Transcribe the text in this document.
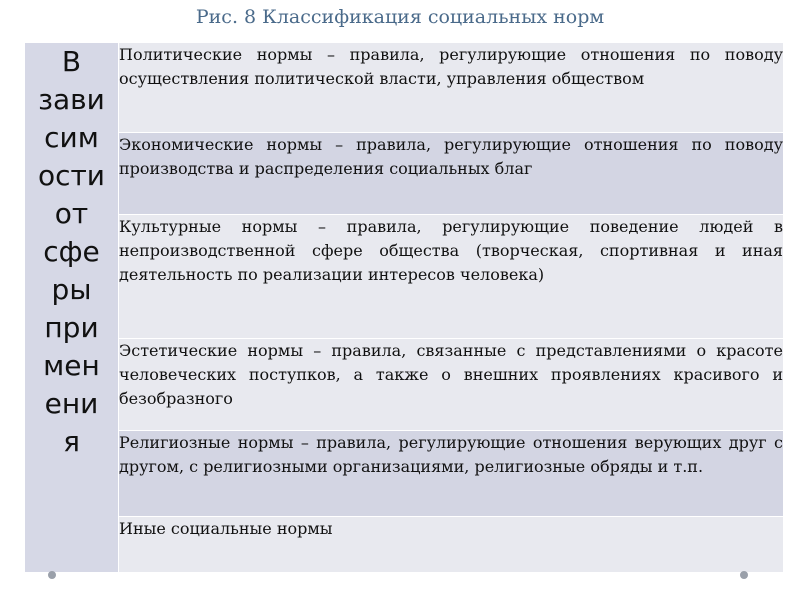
Рис. 8 Классификация социальных норм
В
зави
сим
ости
от
сфе
ры
при
мен
ени
я	Политические нормы – правила, регулирующие отношения по поводу осуществления политической власти, управления обществом
Экономические нормы – правила, регулирующие отношения по поводу производства и распределения социальных благ
Культурные нормы – правила, регулирующие поведение людей в непроизводственной сфере общества (творческая, спортивная и иная деятельность по реализации интересов человека)
Эстетические нормы – правила, связанные с представлениями о красоте человеческих поступков, а также о внешних проявлениях красивого и безобразного
Религиозные нормы – правила, регулирующие отношения верующих друг с другом, с религиозными организациями, религиозные обряды и т.п.
Иные социальные нормы
